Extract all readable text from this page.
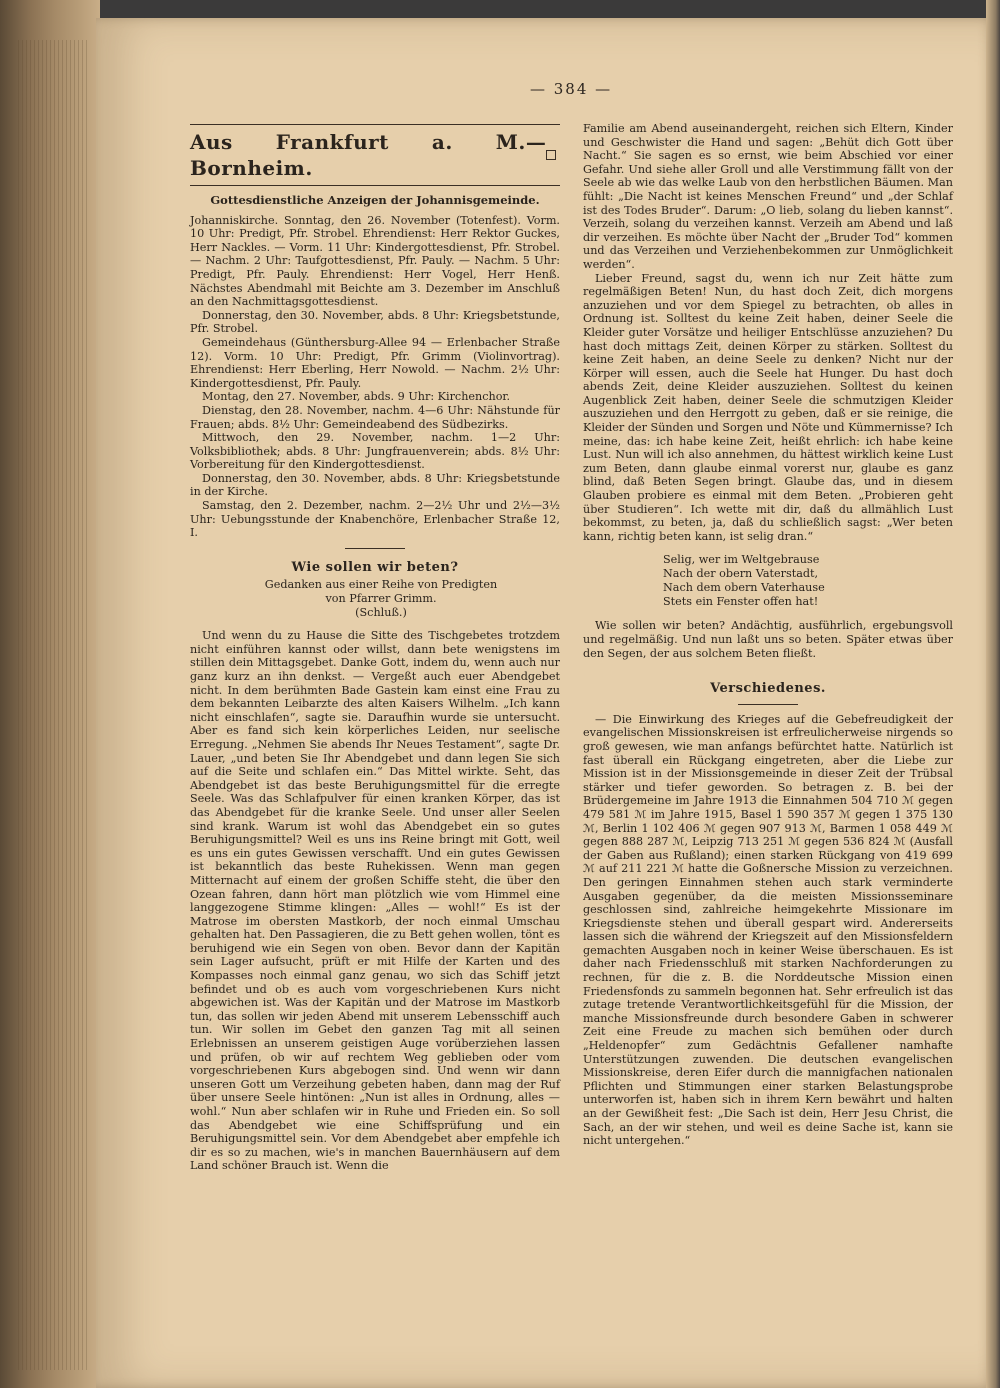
— 384 —
Aus Frankfurt a. M.—Bornheim.
Gottesdienstliche Anzeigen der Johannisgemeinde.

Johanniskirche. Sonntag, den 26. November (Totenfest). Vorm. 10 Uhr: Predigt, Pfr. Strobel. Ehrendienst: Herr Rektor Guckes, Herr Nackles. — Vorm. 11 Uhr: Kindergottesdienst, Pfr. Strobel. — Nachm. 2 Uhr: Taufgottesdienst, Pfr. Pauly. — Nachm. 5 Uhr: Predigt, Pfr. Pauly. Ehrendienst: Herr Vogel, Herr Henß. Nächstes Abendmahl mit Beichte am 3. Dezember im Anschluß an den Nachmittagsgottesdienst.

Donnerstag, den 30. November, abds. 8 Uhr: Kriegsbetstunde, Pfr. Strobel.

Gemeindehaus (Günthersburg-Allee 94 — Erlenbacher Straße 12). Vorm. 10 Uhr: Predigt, Pfr. Grimm (Violinvortrag). Ehrendienst: Herr Eberling, Herr Nowold. — Nachm. 2½ Uhr: Kindergottesdienst, Pfr. Pauly.

Montag, den 27. November, abds. 9 Uhr: Kirchenchor.

Dienstag, den 28. November, nachm. 4—6 Uhr: Nähstunde für Frauen; abds. 8½ Uhr: Gemeindeabend des Südbezirks.

Mittwoch, den 29. November, nachm. 1—2 Uhr: Volksbibliothek; abds. 8 Uhr: Jungfrauenverein; abds. 8½ Uhr: Vorbereitung für den Kindergottesdienst.

Donnerstag, den 30. November, abds. 8 Uhr: Kriegsbetstunde in der Kirche.

Samstag, den 2. Dezember, nachm. 2—2½ Uhr und 2½—3½ Uhr: Uebungsstunde der Knabenchöre, Erlenbacher Straße 12, I.

Wie sollen wir beten?

Gedanken aus einer Reihe von Predigten

von Pfarrer Grimm.

(Schluß.)

Und wenn du zu Hause die Sitte des Tischgebetes trotzdem nicht einführen kannst oder willst, dann bete wenigstens im stillen dein Mittagsgebet. Danke Gott, indem du, wenn auch nur ganz kurz an ihn denkst. — Vergeßt auch euer Abendgebet nicht. In dem berühmten Bade Gastein kam einst eine Frau zu dem bekannten Leibarzte des alten Kaisers Wilhelm. „Ich kann nicht einschlafen“, sagte sie. Daraufhin wurde sie untersucht. Aber es fand sich kein körperliches Leiden, nur seelische Erregung. „Nehmen Sie abends Ihr Neues Testament“, sagte Dr. Lauer, „und beten Sie Ihr Abendgebet und dann legen Sie sich auf die Seite und schlafen ein.“ Das Mittel wirkte. Seht, das Abendgebet ist das beste Beruhigungsmittel für die erregte Seele. Was das Schlafpulver für einen kranken Körper, das ist das Abendgebet für die kranke Seele. Und unser aller Seelen sind krank. Warum ist wohl das Abendgebet ein so gutes Beruhigungsmittel? Weil es uns ins Reine bringt mit Gott, weil es uns ein gutes Gewissen verschafft. Und ein gutes Gewissen ist bekanntlich das beste Ruhekissen. Wenn man gegen Mitternacht auf einem der großen Schiffe steht, die über den Ozean fahren, dann hört man plötzlich wie vom Himmel eine langgezogene Stimme klingen: „Alles — wohl!“ Es ist der Matrose im obersten Mastkorb, der noch einmal Umschau gehalten hat. Den Passagieren, die zu Bett gehen wollen, tönt es beruhigend wie ein Segen von oben. Bevor dann der Kapitän sein Lager aufsucht, prüft er mit Hilfe der Karten und des Kompasses noch einmal ganz genau, wo sich das Schiff jetzt befindet und ob es auch vom vorgeschriebenen Kurs nicht abgewichen ist. Was der Kapitän und der Matrose im Mastkorb tun, das sollen wir jeden Abend mit unserem Lebensschiff auch tun. Wir sollen im Gebet den ganzen Tag mit all seinen Erlebnissen an unserem geistigen Auge vorüberziehen lassen und prüfen, ob wir auf rechtem Weg geblieben oder vom vorgeschriebenen Kurs abgebogen sind. Und wenn wir dann unseren Gott um Verzeihung gebeten haben, dann mag der Ruf über unsere Seele hintönen: „Nun ist alles in Ordnung, alles — wohl.“ Nun aber schlafen wir in Ruhe und Frieden ein. So soll das Abendgebet wie eine Schiffsprüfung und ein Beruhigungsmittel sein. Vor dem Abendgebet aber empfehle ich dir es so zu machen, wie's in manchen Bauernhäusern auf dem Land schöner Brauch ist. Wenn die

Familie am Abend auseinandergeht, reichen sich Eltern, Kinder und Geschwister die Hand und sagen: „Behüt dich Gott über Nacht.“ Sie sagen es so ernst, wie beim Abschied vor einer Gefahr. Und siehe aller Groll und alle Verstimmung fällt von der Seele ab wie das welke Laub von den herbstlichen Bäumen. Man fühlt: „Die Nacht ist keines Menschen Freund“ und „der Schlaf ist des Todes Bruder“. Darum: „O lieb, solang du lieben kannst“. Verzeih, solang du verzeihen kannst. Verzeih am Abend und laß dir verzeihen. Es möchte über Nacht der „Bruder Tod“ kommen und das Verzeihen und Verziehenbekommen zur Unmöglichkeit werden“.

Lieber Freund, sagst du, wenn ich nur Zeit hätte zum regelmäßigen Beten! Nun, du hast doch Zeit, dich morgens anzuziehen und vor dem Spiegel zu betrachten, ob alles in Ordnung ist. Solltest du keine Zeit haben, deiner Seele die Kleider guter Vorsätze und heiliger Entschlüsse anzuziehen? Du hast doch mittags Zeit, deinen Körper zu stärken. Solltest du keine Zeit haben, an deine Seele zu denken? Nicht nur der Körper will essen, auch die Seele hat Hunger. Du hast doch abends Zeit, deine Kleider auszuziehen. Solltest du keinen Augenblick Zeit haben, deiner Seele die schmutzigen Kleider auszuziehen und den Herrgott zu geben, daß er sie reinige, die Kleider der Sünden und Sorgen und Nöte und Kümmernisse? Ich meine, das: ich habe keine Zeit, heißt ehrlich: ich habe keine Lust. Nun will ich also annehmen, du hättest wirklich keine Lust zum Beten, dann glaube einmal vorerst nur, glaube es ganz blind, daß Beten Segen bringt. Glaube das, und in diesem Glauben probiere es einmal mit dem Beten. „Probieren geht über Studieren“. Ich wette mit dir, daß du allmählich Lust bekommst, zu beten, ja, daß du schließlich sagst: „Wer beten kann, richtig beten kann, ist selig dran.“

Selig, wer im Weltgebrause
Nach der obern Vaterstadt,
Nach dem obern Vaterhause
Stets ein Fenster offen hat!

Wie sollen wir beten? Andächtig, ausführlich, ergebungsvoll und regelmäßig. Und nun laßt uns so beten. Später etwas über den Segen, der aus solchem Beten fließt.

Verschiedenes.

— Die Einwirkung des Krieges auf die Gebefreudigkeit der evangelischen Missionskreisen ist erfreulicherweise nirgends so groß gewesen, wie man anfangs befürchtet hatte. Natürlich ist fast überall ein Rückgang eingetreten, aber die Liebe zur Mission ist in der Missionsgemeinde in dieser Zeit der Trübsal stärker und tiefer geworden. So betragen z. B. bei der Brüdergemeine im Jahre 1913 die Einnahmen 504 710 ℳ gegen 479 581 ℳ im Jahre 1915, Basel 1 590 357 ℳ gegen 1 375 130 ℳ, Berlin 1 102 406 ℳ gegen 907 913 ℳ, Barmen 1 058 449 ℳ gegen 888 287 ℳ, Leipzig 713 251 ℳ gegen 536 824 ℳ (Ausfall der Gaben aus Rußland); einen starken Rückgang von 419 699 ℳ auf 211 221 ℳ hatte die Goßnersche Mission zu verzeichnen. Den geringen Einnahmen stehen auch stark verminderte Ausgaben gegenüber, da die meisten Missionsseminare geschlossen sind, zahlreiche heimgekehrte Missionare im Kriegsdienste stehen und überall gespart wird. Andererseits lassen sich die während der Kriegszeit auf den Missionsfeldern gemachten Ausgaben noch in keiner Weise überschauen. Es ist daher nach Friedensschluß mit starken Nachforderungen zu rechnen, für die z. B. die Norddeutsche Mission einen Friedensfonds zu sammeln begonnen hat. Sehr erfreulich ist das zutage tretende Verantwortlichkeitsgefühl für die Mission, der manche Missionsfreunde durch besondere Gaben in schwerer Zeit eine Freude zu machen sich bemühen oder durch „Heldenopfer“ zum Gedächtnis Gefallener namhafte Unterstützungen zuwenden. Die deutschen evangelischen Missionskreise, deren Eifer durch die mannigfachen nationalen Pflichten und Stimmungen einer starken Belastungsprobe unterworfen ist, haben sich in ihrem Kern bewährt und halten an der Gewißheit fest: „Die Sach ist dein, Herr Jesu Christ, die Sach, an der wir stehen, und weil es deine Sache ist, kann sie nicht untergehen.“
